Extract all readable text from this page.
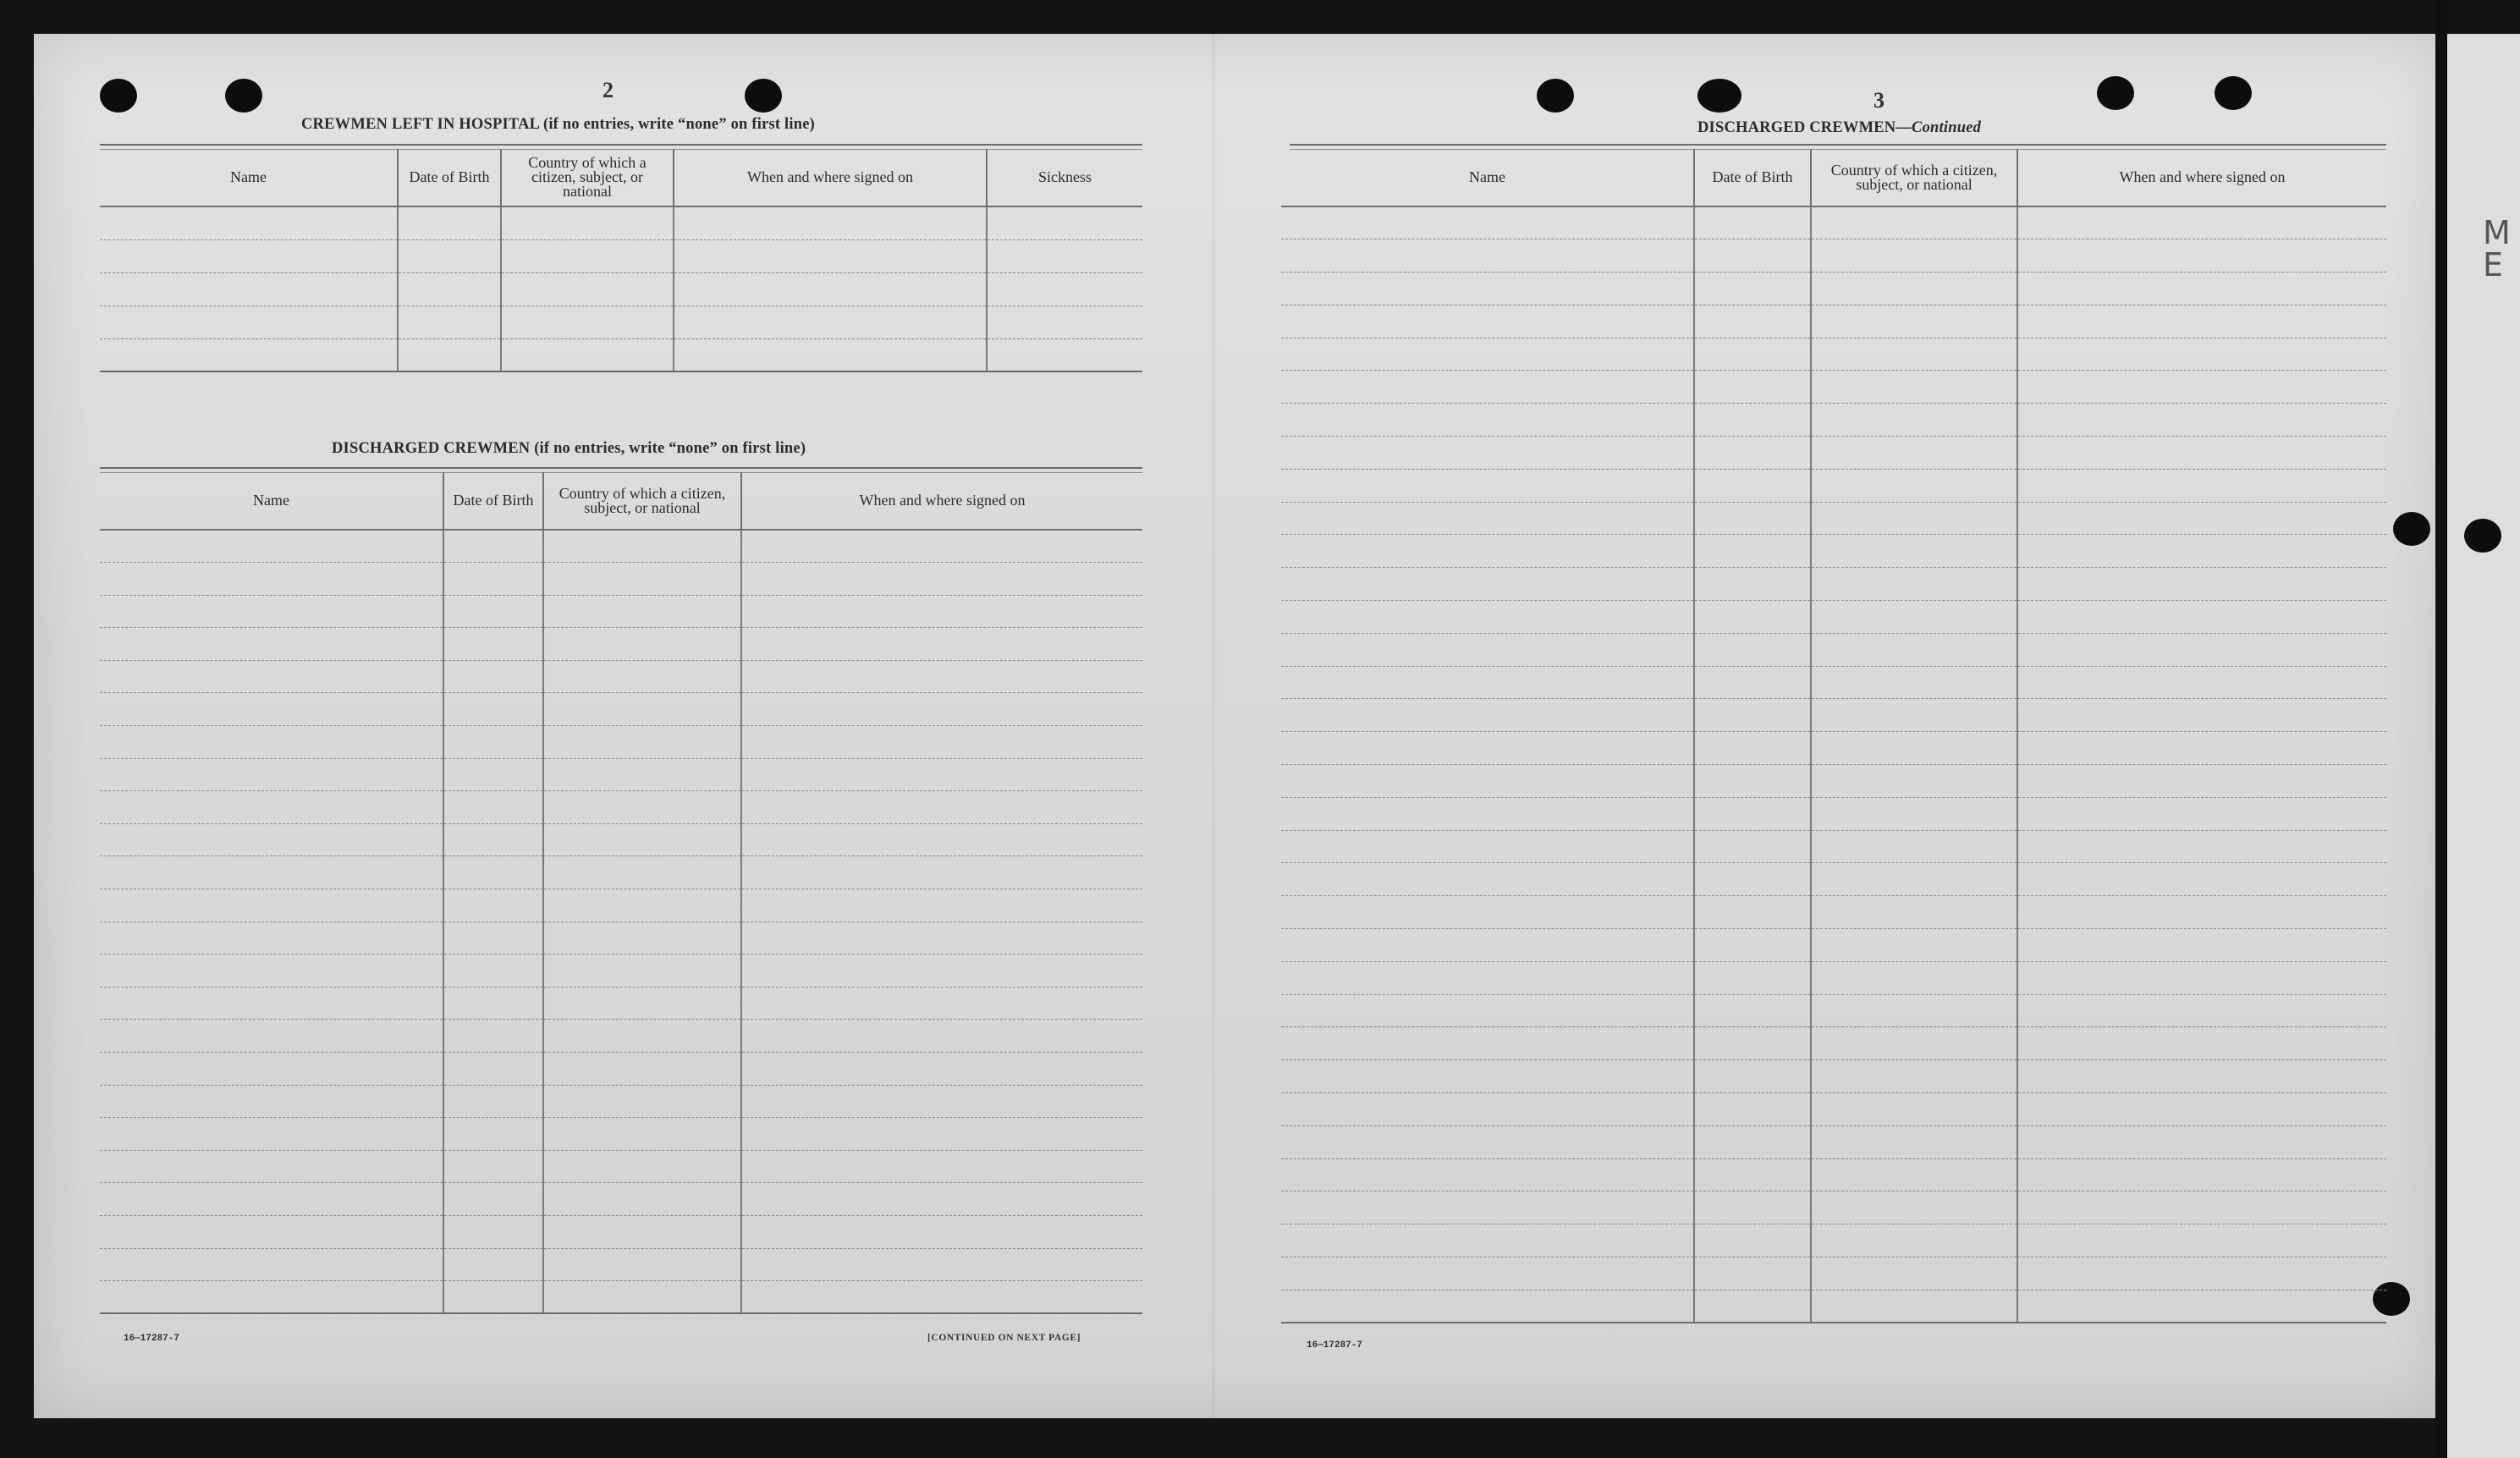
2
CREWMEN LEFT IN HOSPITAL (if no entries, write “none” on first line)
Name	Date of Birth	Country of which a citizen, subject, or national	When and where signed on	Sickness

DISCHARGED CREWMEN (if no entries, write “none” on first line)
Name	Date of Birth	Country of which a citizen, subject, or national	When and where signed on

16—17287-7	[CONTINUED ON NEXT PAGE]
3
DISCHARGED CREWMEN—Continued
Name	Date of Birth	Country of which a citizen, subject, or national	When and where signed on

16—17287-7
M
E
